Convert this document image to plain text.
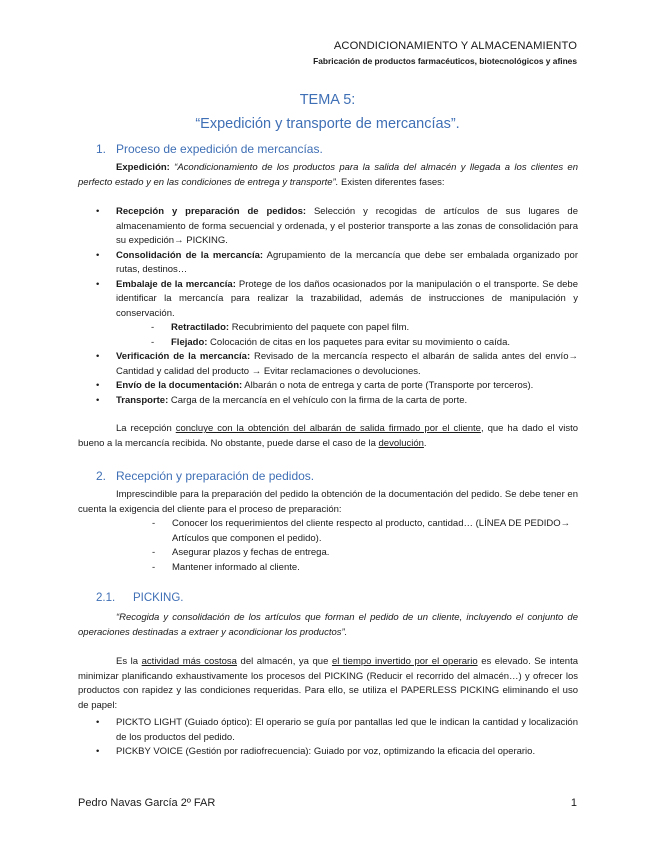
ACONDICIONAMIENTO Y ALMACENAMIENTO
Fabricación de productos farmacéuticos, biotecnológicos y afines
TEMA 5:
“Expedición y transporte de mercancías”.
1. Proceso de expedición de mercancías.
Expedición: “Acondicionamiento de los productos para la salida del almacén y llegada a los clientes en perfecto estado y en las condiciones de entrega y transporte”. Existen diferentes fases:
• Recepción y preparación de pedidos: Selección y recogidas de artículos de sus lugares de almacenamiento de forma secuencial y ordenada, y el posterior transporte a las zonas de consolidación para su expedición→ PICKING.
• Consolidación de la mercancía: Agrupamiento de la mercancía que debe ser embalada organizado por rutas, destinos…
• Embalaje de la mercancía: Protege de los daños ocasionados por la manipulación o el transporte. Se debe identificar la mercancía para realizar la trazabilidad, además de instrucciones de manipulación y conservación.
- Retractilado: Recubrimiento del paquete con papel film.
- Flejado: Colocación de citas en los paquetes para evitar su movimiento o caída.
• Verificación de la mercancía: Revisado de la mercancía respecto el albarán de salida antes del envío→ Cantidad y calidad del producto → Evitar reclamaciones o devoluciones.
• Envío de la documentación: Albarán o nota de entrega y carta de porte (Transporte por terceros).
• Transporte: Carga de la mercancía en el vehículo con la firma de la carta de porte.
La recepción concluye con la obtención del albarán de salida firmado por el cliente, que ha dado el visto bueno a la mercancía recibida. No obstante, puede darse el caso de la devolución.
2. Recepción y preparación de pedidos.
Imprescindible para la preparación del pedido la obtención de la documentación del pedido. Se debe tener en cuenta la exigencia del cliente para el proceso de preparación:
- Conocer los requerimientos del cliente respecto al producto, cantidad… (LÍNEA DE PEDIDO→ Artículos que componen el pedido).
- Asegurar plazos y fechas de entrega.
- Mantener informado al cliente.
2.1. PICKING.
“Recogida y consolidación de los artículos que forman el pedido de un cliente, incluyendo el conjunto de operaciones destinadas a extraer y acondicionar los productos”.
Es la actividad más costosa del almacén, ya que el tiempo invertido por el operario es elevado. Se intenta minimizar planificando exhaustivamente los procesos del PICKING (Reducir el recorrido del almacén…) y ofrecer los productos con rapidez y las condiciones requeridas. Para ello, se utiliza el PAPERLESS PICKING eliminando el uso de papel:
• PICKTO LIGHT (Guiado óptico): El operario se guía por pantallas led que le indican la cantidad y localización de los productos del pedido.
• PICKBY VOICE (Gestión por radiofrecuencia): Guiado por voz, optimizando la eficacia del operario.
Pedro Navas García 2º FAR	1
